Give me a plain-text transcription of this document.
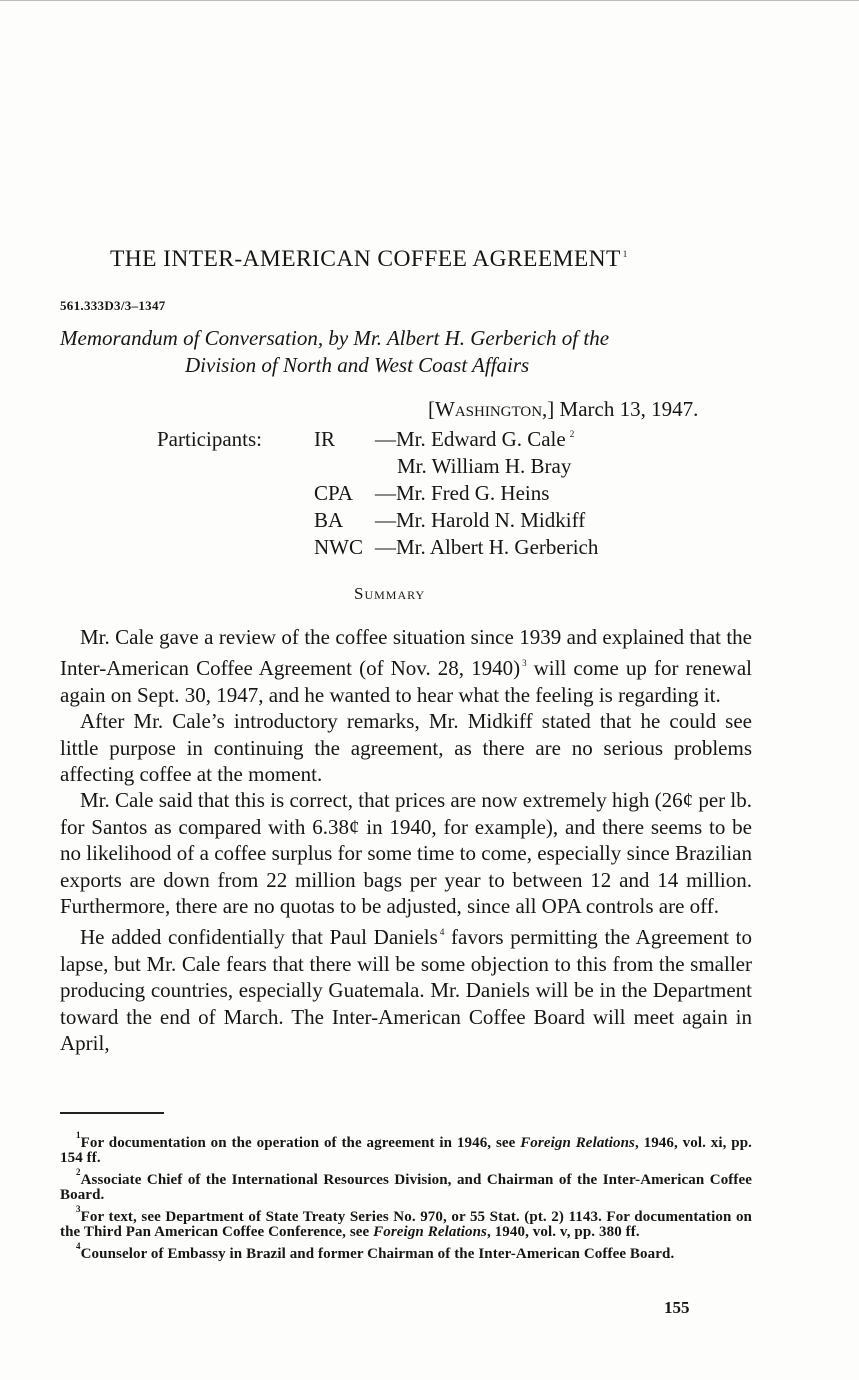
THE INTER-AMERICAN COFFEE AGREEMENT $^1$
561.333D3/3–1347
Memorandum of Conversation, by Mr. Albert H. Gerberich of the
Division of North and West Coast Affairs
[Washington,] March 13, 1947.
Participants: IR —Mr. Edward G. Cale $^2$
Mr. William H. Bray
CPA —Mr. Fred G. Heins
BA —Mr. Harold N. Midkiff
NWC —Mr. Albert H. Gerberich
Summary

Mr. Cale gave a review of the coffee situation since 1939 and explained that the Inter-American Coffee Agreement (of Nov. 28, 1940) $^3$ will come up for renewal again on Sept. 30, 1947, and he wanted to hear what the feeling is regarding it.

After Mr. Cale’s introductory remarks, Mr. Midkiff stated that he could see little purpose in continuing the agreement, as there are no serious problems affecting coffee at the moment.

Mr. Cale said that this is correct, that prices are now extremely high (26¢ per lb. for Santos as compared with 6.38¢ in 1940, for example), and there seems to be no likelihood of a coffee surplus for some time to come, especially since Brazilian exports are down from 22 million bags per year to between 12 and 14 million. Furthermore, there are no quotas to be adjusted, since all OPA controls are off.

He added confidentially that Paul Daniels $^4$ favors permitting the Agreement to lapse, but Mr. Cale fears that there will be some objection to this from the smaller producing countries, especially Guatemala. Mr. Daniels will be in the Department toward the end of March. The Inter-American Coffee Board will meet again in April,

$^1$For documentation on the operation of the agreement in 1946, see Foreign Relations, 1946, vol. xi, pp. 154 ff.

$^2$Associate Chief of the International Resources Division, and Chairman of the Inter-American Coffee Board.

$^3$For text, see Department of State Treaty Series No. 970, or 55 Stat. (pt. 2) 1143. For documentation on the Third Pan American Coffee Conference, see Foreign Relations, 1940, vol. v, pp. 380 ff.

$^4$Counselor of Embassy in Brazil and former Chairman of the Inter-American Coffee Board.

155
